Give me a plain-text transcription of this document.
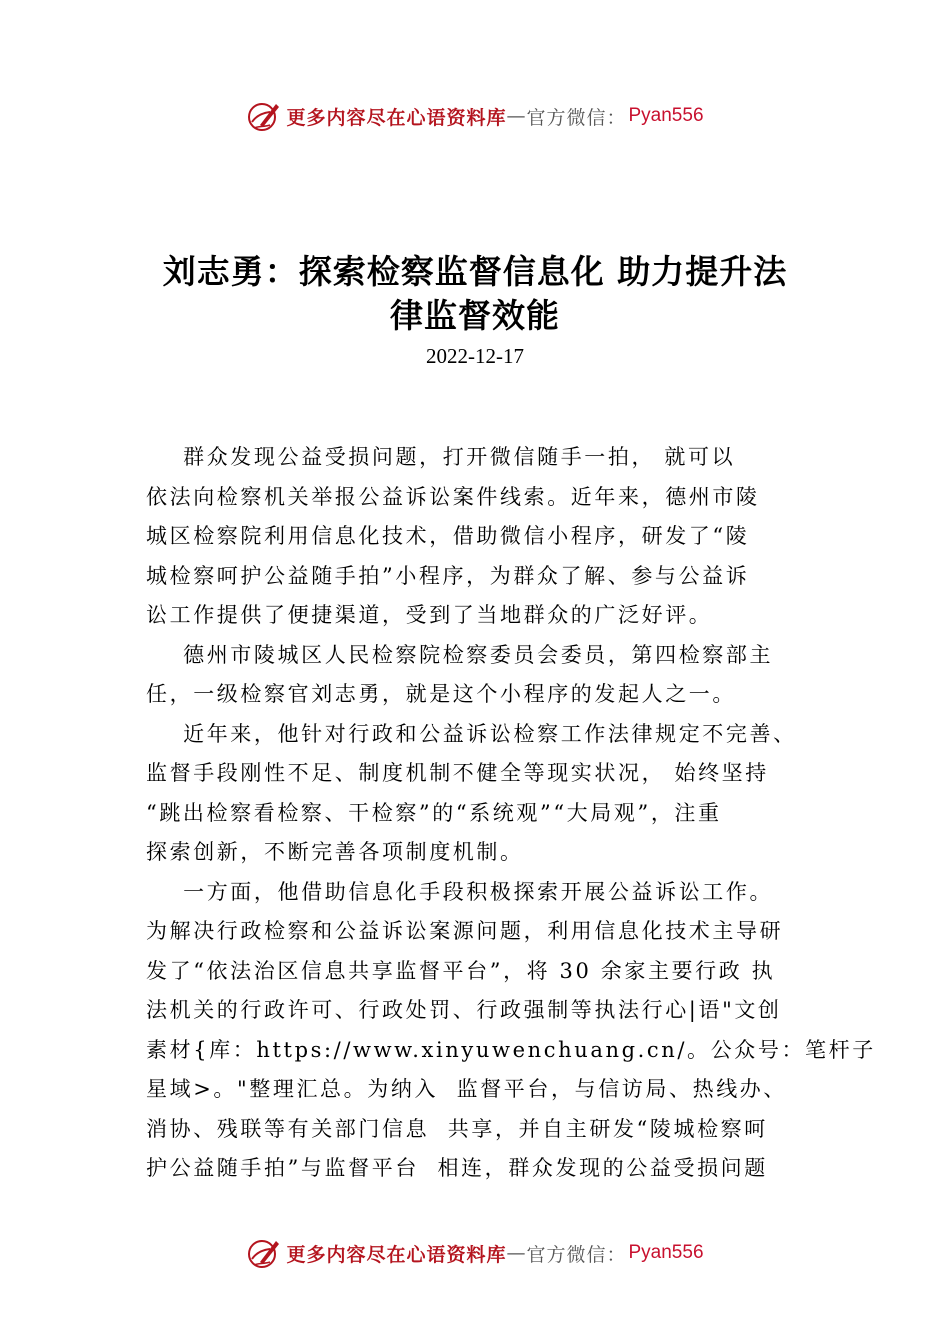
更多内容尽在心语资料库 — 官方微信： Pyan556
刘志勇：探索检察监督信息化 助力提升法
律监督效能
2022-12-17
群众发现公益受损问题，打开微信随手一拍， 就可以
依法向检察机关举报公益诉讼案件线索。近年来，德州市陵
城区检察院利用信息化技术，借助微信小程序，研发了“陵
城检察呵护公益随手拍”小程序，为群众了解、参与公益诉
讼工作提供了便捷渠道，受到了当地群众的广泛好评。
德州市陵城区人民检察院检察委员会委员，第四检察部主
任，一级检察官刘志勇，就是这个小程序的发起人之一。
近年来，他针对行政和公益诉讼检察工作法律规定不完善、
监督手段刚性不足、制度机制不健全等现实状况， 始终坚持
“跳出检察看检察、干检察”的“系统观”“大局观”，注重
探索创新，不断完善各项制度机制。
一方面，他借助信息化手段积极探索开展公益诉讼工作。
为解决行政检察和公益诉讼案源问题，利用信息化技术主导研
发了“依法治区信息共享监督平台”，将 30 余家主要行政 执
法机关的行政许可、行政处罚、行政强制等执法行心|语"文创
素材{库：https://www.xinyuwenchuang.cn/。公众号：笔杆子
星域>。"整理汇总。为纳入  监督平台，与信访局、热线办、
消协、残联等有关部门信息  共享，并自主研发“陵城检察呵
护公益随手拍”与监督平台  相连，群众发现的公益受损问题
更多内容尽在心语资料库 — 官方微信： Pyan556
